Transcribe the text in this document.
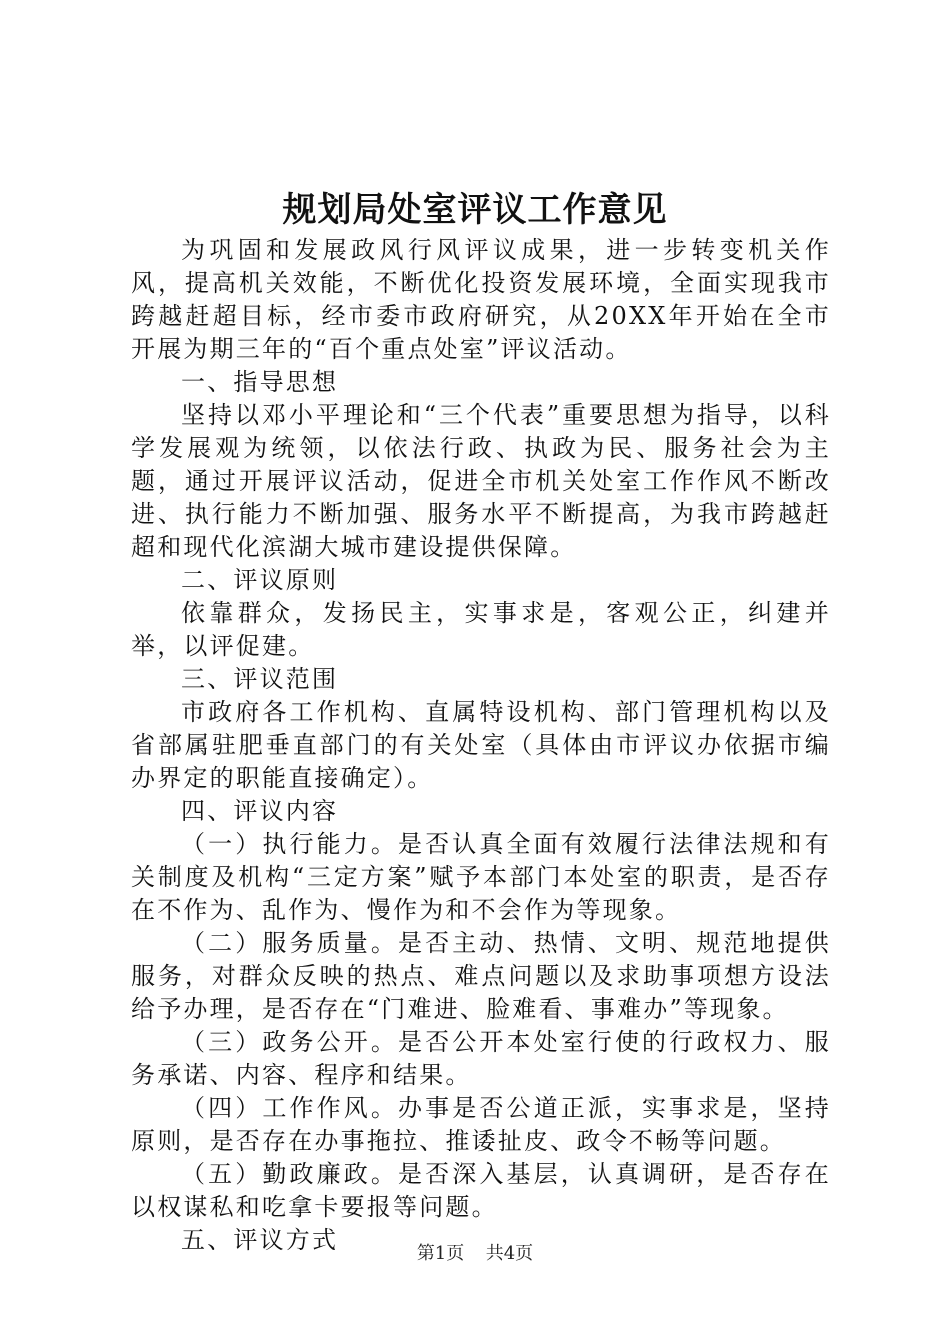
规划局处室评议工作意见

为巩固和发展政风行风评议成果，进一步转变机关作风，提高机关效能，不断优化投资发展环境，全面实现我市跨越赶超目标，经市委市政府研究，从20XX年开始在全市开展为期三年的“百个重点处室”评议活动。

一、指导思想

坚持以邓小平理论和“三个代表”重要思想为指导，以科学发展观为统领，以依法行政、执政为民、服务社会为主题，通过开展评议活动，促进全市机关处室工作作风不断改进、执行能力不断加强、服务水平不断提高，为我市跨越赶超和现代化滨湖大城市建设提供保障。

二、评议原则

依靠群众，发扬民主，实事求是，客观公正，纠建并举，以评促建。

三、评议范围

市政府各工作机构、直属特设机构、部门管理机构以及省部属驻肥垂直部门的有关处室（具体由市评议办依据市编办界定的职能直接确定）。

四、评议内容

（一）执行能力。是否认真全面有效履行法律法规和有关制度及机构“三定方案”赋予本部门本处室的职责，是否存在不作为、乱作为、慢作为和不会作为等现象。

（二）服务质量。是否主动、热情、文明、规范地提供服务，对群众反映的热点、难点问题以及求助事项想方设法给予办理，是否存在“门难进、脸难看、事难办”等现象。

（三）政务公开。是否公开本处室行使的行政权力、服务承诺、内容、程序和结果。

（四）工作作风。办事是否公道正派，实事求是，坚持原则，是否存在办事拖拉、推诿扯皮、政令不畅等问题。

（五）勤政廉政。是否深入基层，认真调研，是否存在以权谋私和吃拿卡要报等问题。

五、评议方式	第1页 共4页
